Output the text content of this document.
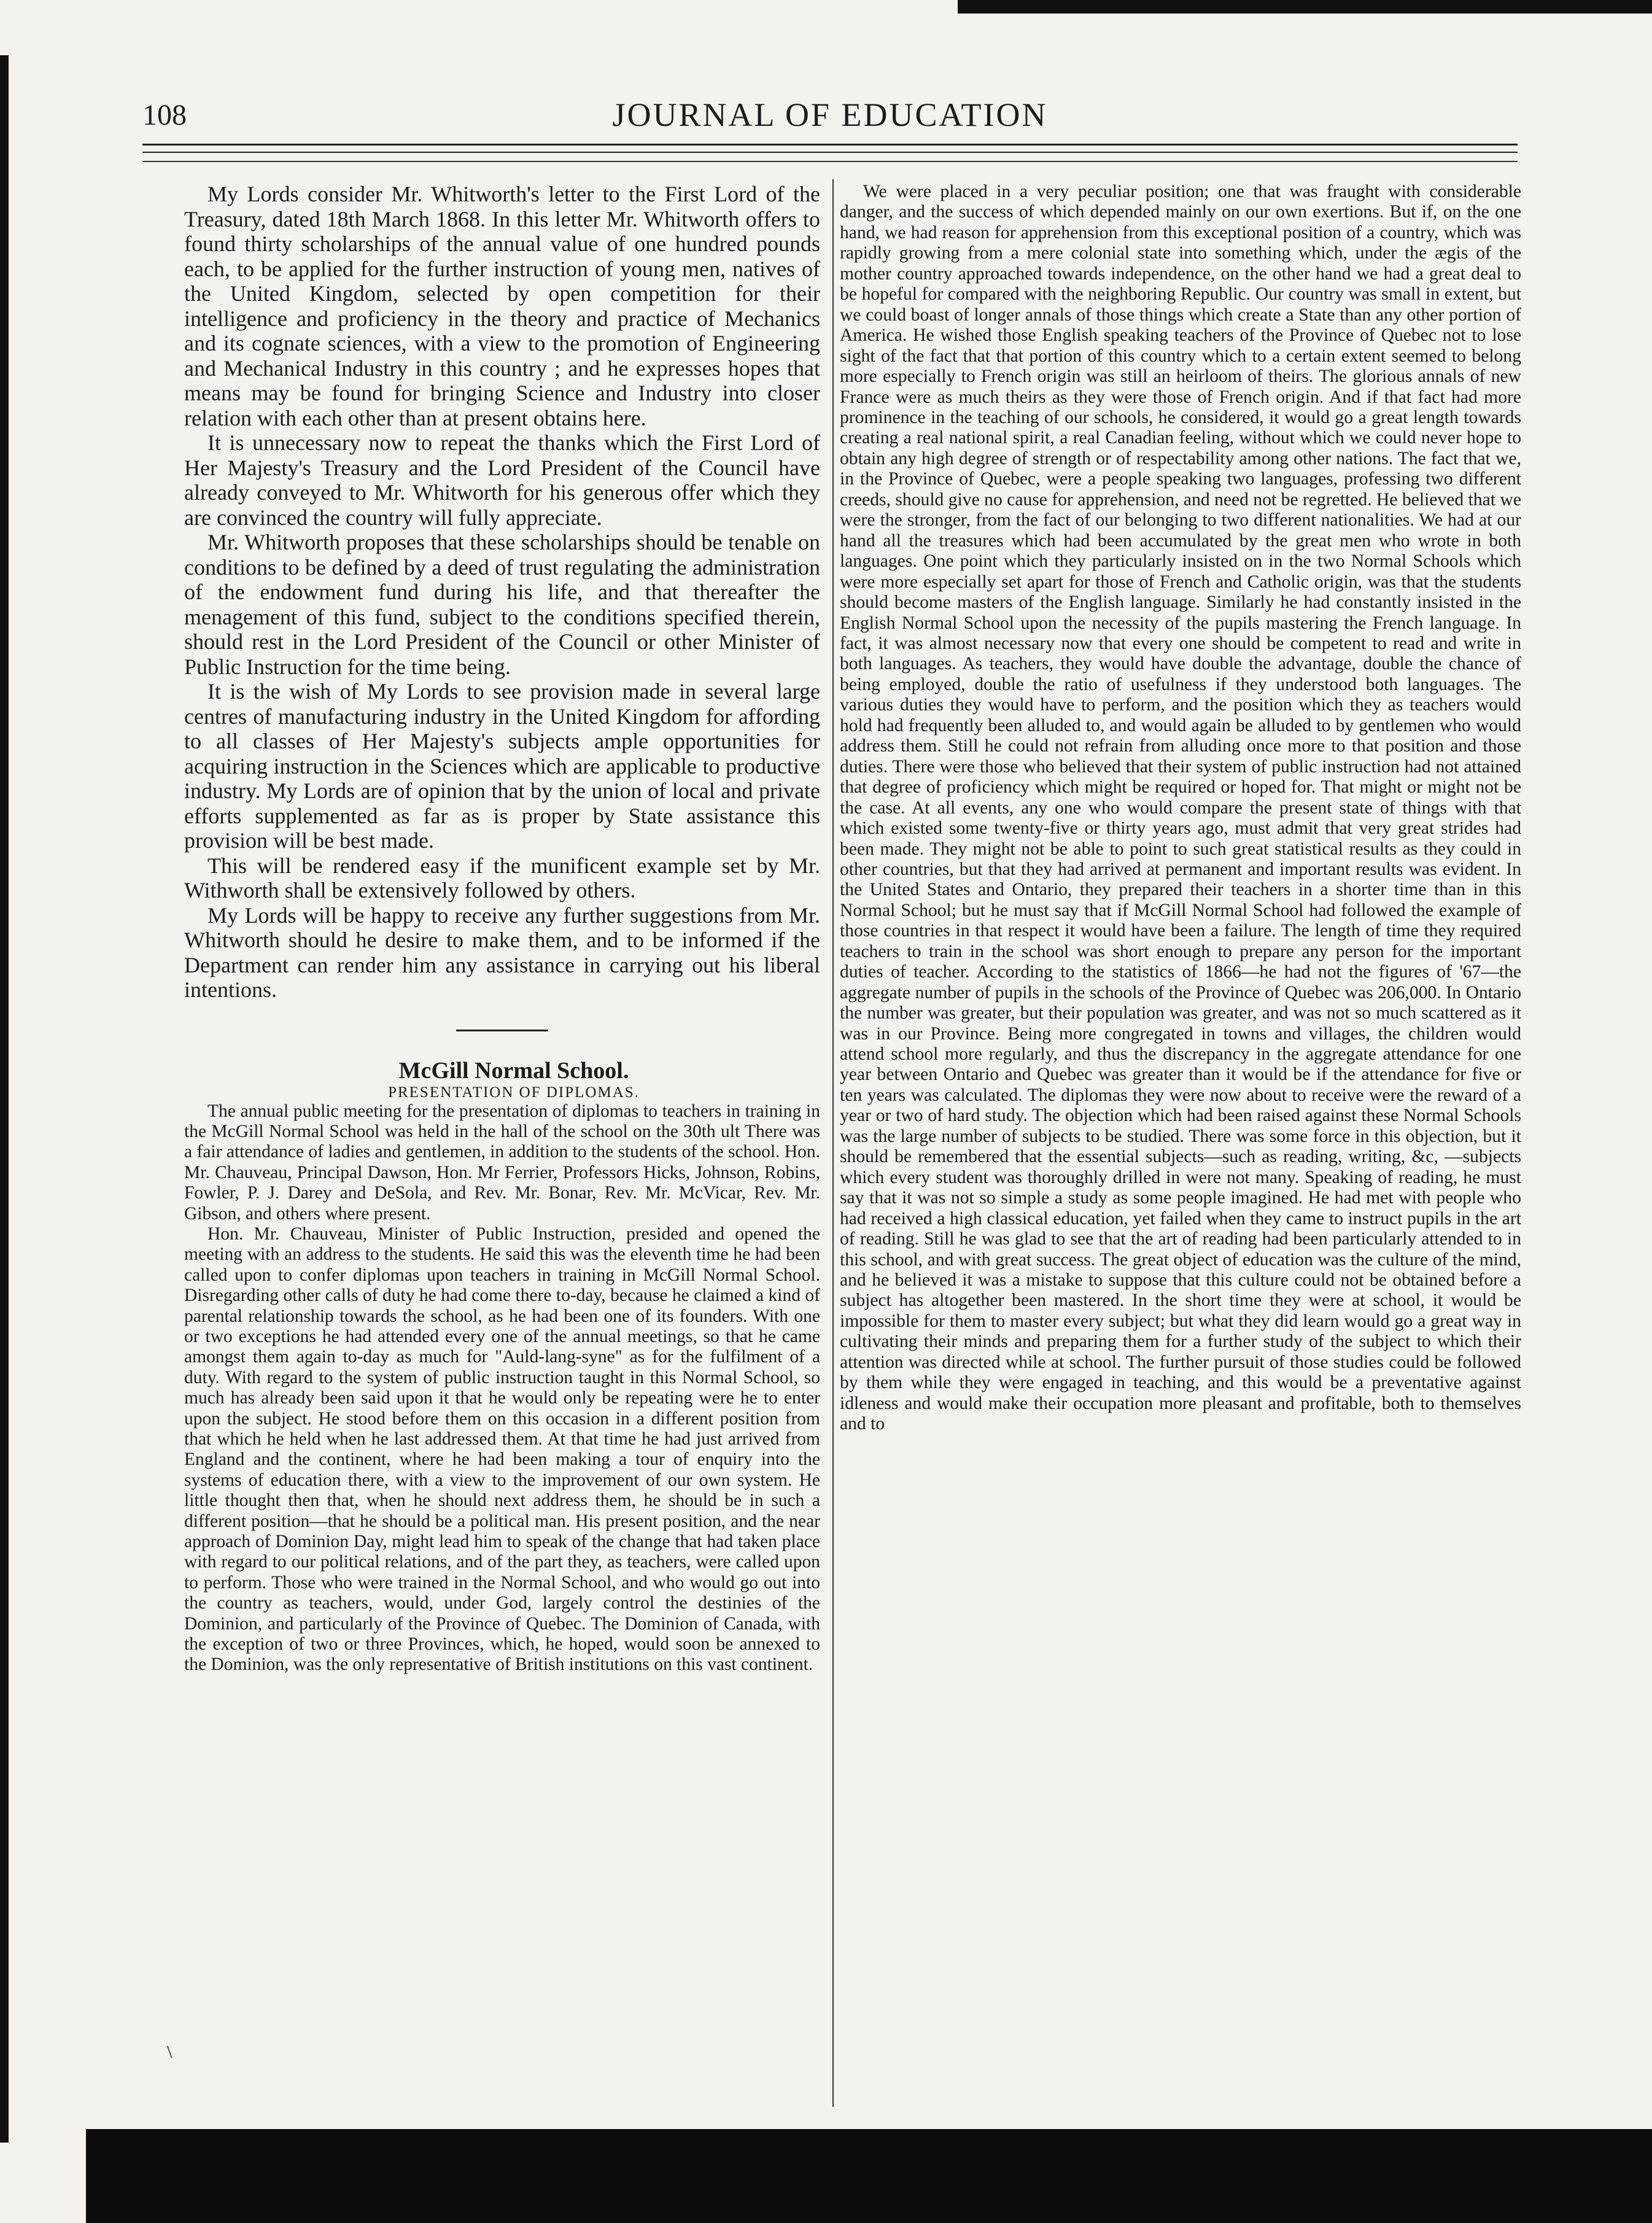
108	JOURNAL OF EDUCATION

My Lords consider Mr. Whitworth's letter to the First Lord of the Treasury, dated 18th March 1868. In this letter Mr. Whitworth offers to found thirty scholarships of the annual value of one hundred pounds each, to be applied for the further instruction of young men, natives of the United Kingdom, selected by open competition for their intelligence and proficiency in the theory and practice of Mechanics and its cognate sciences, with a view to the promotion of Engineering and Mechanical Industry in this country ; and he expresses hopes that means may be found for bringing Science and Industry into closer relation with each other than at present obtains here.

It is unnecessary now to repeat the thanks which the First Lord of Her Majesty's Treasury and the Lord President of the Council have already conveyed to Mr. Whitworth for his generous offer which they are convinced the country will fully appreciate.

Mr. Whitworth proposes that these scholarships should be tenable on conditions to be defined by a deed of trust regulating the administration of the endowment fund during his life, and that thereafter the menagement of this fund, subject to the conditions specified therein, should rest in the Lord President of the Council or other Minister of Public Instruction for the time being.

It is the wish of My Lords to see provision made in several large centres of manufacturing industry in the United Kingdom for affording to all classes of Her Majesty's subjects ample opportunities for acquiring instruction in the Sciences which are applicable to productive industry. My Lords are of opinion that by the union of local and private efforts supplemented as far as is proper by State assistance this provision will be best made.

This will be rendered easy if the munificent example set by Mr. Withworth shall be extensively followed by others.

My Lords will be happy to receive any further suggestions from Mr. Whitworth should he desire to make them, and to be informed if the Department can render him any assistance in carrying out his liberal intentions.

McGill Normal School.

PRESENTATION OF DIPLOMAS.

The annual public meeting for the presentation of diplomas to teachers in training in the McGill Normal School was held in the hall of the school on the 30th ult There was a fair attendance of ladies and gentlemen, in addition to the students of the school. Hon. Mr. Chauveau, Principal Dawson, Hon. Mr Ferrier, Professors Hicks, Johnson, Robins, Fowler, P. J. Darey and DeSola, and Rev. Mr. Bonar, Rev. Mr. McVicar, Rev. Mr. Gibson, and others where present.

Hon. Mr. Chauveau, Minister of Public Instruction, presided and opened the meeting with an address to the students. He said this was the eleventh time he had been called upon to confer diplomas upon teachers in training in McGill Normal School. Disregarding other calls of duty he had come there to-day, because he claimed a kind of parental relationship towards the school, as he had been one of its founders. With one or two exceptions he had attended every one of the annual meetings, so that he came amongst them again to-day as much for "Auld-lang-syne" as for the fulfilment of a duty. With regard to the system of public instruction taught in this Normal School, so much has already been said upon it that he would only be repeating were he to enter upon the subject. He stood before them on this occasion in a different position from that which he held when he last addressed them. At that time he had just arrived from England and the continent, where he had been making a tour of enquiry into the systems of education there, with a view to the improvement of our own system. He little thought then that, when he should next address them, he should be in such a different position—that he should be a political man. His present position, and the near approach of Dominion Day, might lead him to speak of the change that had taken place with regard to our political relations, and of the part they, as teachers, were called upon to perform. Those who were trained in the Normal School, and who would go out into the country as teachers, would, under God, largely control the destinies of the Dominion, and particularly of the Province of Quebec. The Dominion of Canada, with the exception of two or three Provinces, which, he hoped, would soon be annexed to the Dominion, was the only representative of British institutions on this vast continent.

We were placed in a very peculiar position; one that was fraught with considerable danger, and the success of which depended mainly on our own exertions. But if, on the one hand, we had reason for apprehension from this exceptional position of a country, which was rapidly growing from a mere colonial state into something which, under the ægis of the mother country approached towards independence, on the other hand we had a great deal to be hopeful for compared with the neighboring Republic. Our country was small in extent, but we could boast of longer annals of those things which create a State than any other portion of America. He wished those English speaking teachers of the Province of Quebec not to lose sight of the fact that that portion of this country which to a certain extent seemed to belong more especially to French origin was still an heirloom of theirs. The glorious annals of new France were as much theirs as they were those of French origin. And if that fact had more prominence in the teaching of our schools, he considered, it would go a great length towards creating a real national spirit, a real Canadian feeling, without which we could never hope to obtain any high degree of strength or of respectability among other nations. The fact that we, in the Province of Quebec, were a people speaking two languages, professing two different creeds, should give no cause for apprehension, and need not be regretted. He believed that we were the stronger, from the fact of our belonging to two different nationalities. We had at our hand all the treasures which had been accumulated by the great men who wrote in both languages. One point which they particularly insisted on in the two Normal Schools which were more especially set apart for those of French and Catholic origin, was that the students should become masters of the English language. Similarly he had constantly insisted in the English Normal School upon the necessity of the pupils mastering the French language. In fact, it was almost necessary now that every one should be competent to read and write in both languages. As teachers, they would have double the advantage, double the chance of being employed, double the ratio of usefulness if they understood both languages. The various duties they would have to perform, and the position which they as teachers would hold had frequently been alluded to, and would again be alluded to by gentlemen who would address them. Still he could not refrain from alluding once more to that position and those duties. There were those who believed that their system of public instruction had not attained that degree of proficiency which might be required or hoped for. That might or might not be the case. At all events, any one who would compare the present state of things with that which existed some twenty-five or thirty years ago, must admit that very great strides had been made. They might not be able to point to such great statistical results as they could in other countries, but that they had arrived at permanent and important results was evident. In the United States and Ontario, they prepared their teachers in a shorter time than in this Normal School; but he must say that if McGill Normal School had followed the example of those countries in that respect it would have been a failure. The length of time they required teachers to train in the school was short enough to prepare any person for the important duties of teacher. According to the statistics of 1866—he had not the figures of '67—the aggregate number of pupils in the schools of the Province of Quebec was 206,000. In Ontario the number was greater, but their population was greater, and was not so much scattered as it was in our Province. Being more congregated in towns and villages, the children would attend school more regularly, and thus the discrepancy in the aggregate attendance for one year between Ontario and Quebec was greater than it would be if the attendance for five or ten years was calculated. The diplomas they were now about to receive were the reward of a year or two of hard study. The objection which had been raised against these Normal Schools was the large number of subjects to be studied. There was some force in this objection, but it should be remembered that the essential subjects—such as reading, writing, &c, —subjects which every student was thoroughly drilled in were not many. Speaking of reading, he must say that it was not so simple a study as some people imagined. He had met with people who had received a high classical education, yet failed when they came to instruct pupils in the art of reading. Still he was glad to see that the art of reading had been particularly attended to in this school, and with great success. The great object of education was the culture of the mind, and he believed it was a mistake to suppose that this culture could not be obtained before a subject has altogether been mastered. In the short time they were at school, it would be impossible for them to master every subject; but what they did learn would go a great way in cultivating their minds and preparing them for a further study of the subject to which their attention was directed while at school. The further pursuit of those studies could be followed by them while they were engaged in teaching, and this would be a preventative against idleness and would make their occupation more pleasant and profitable, both to themselves and to

\
